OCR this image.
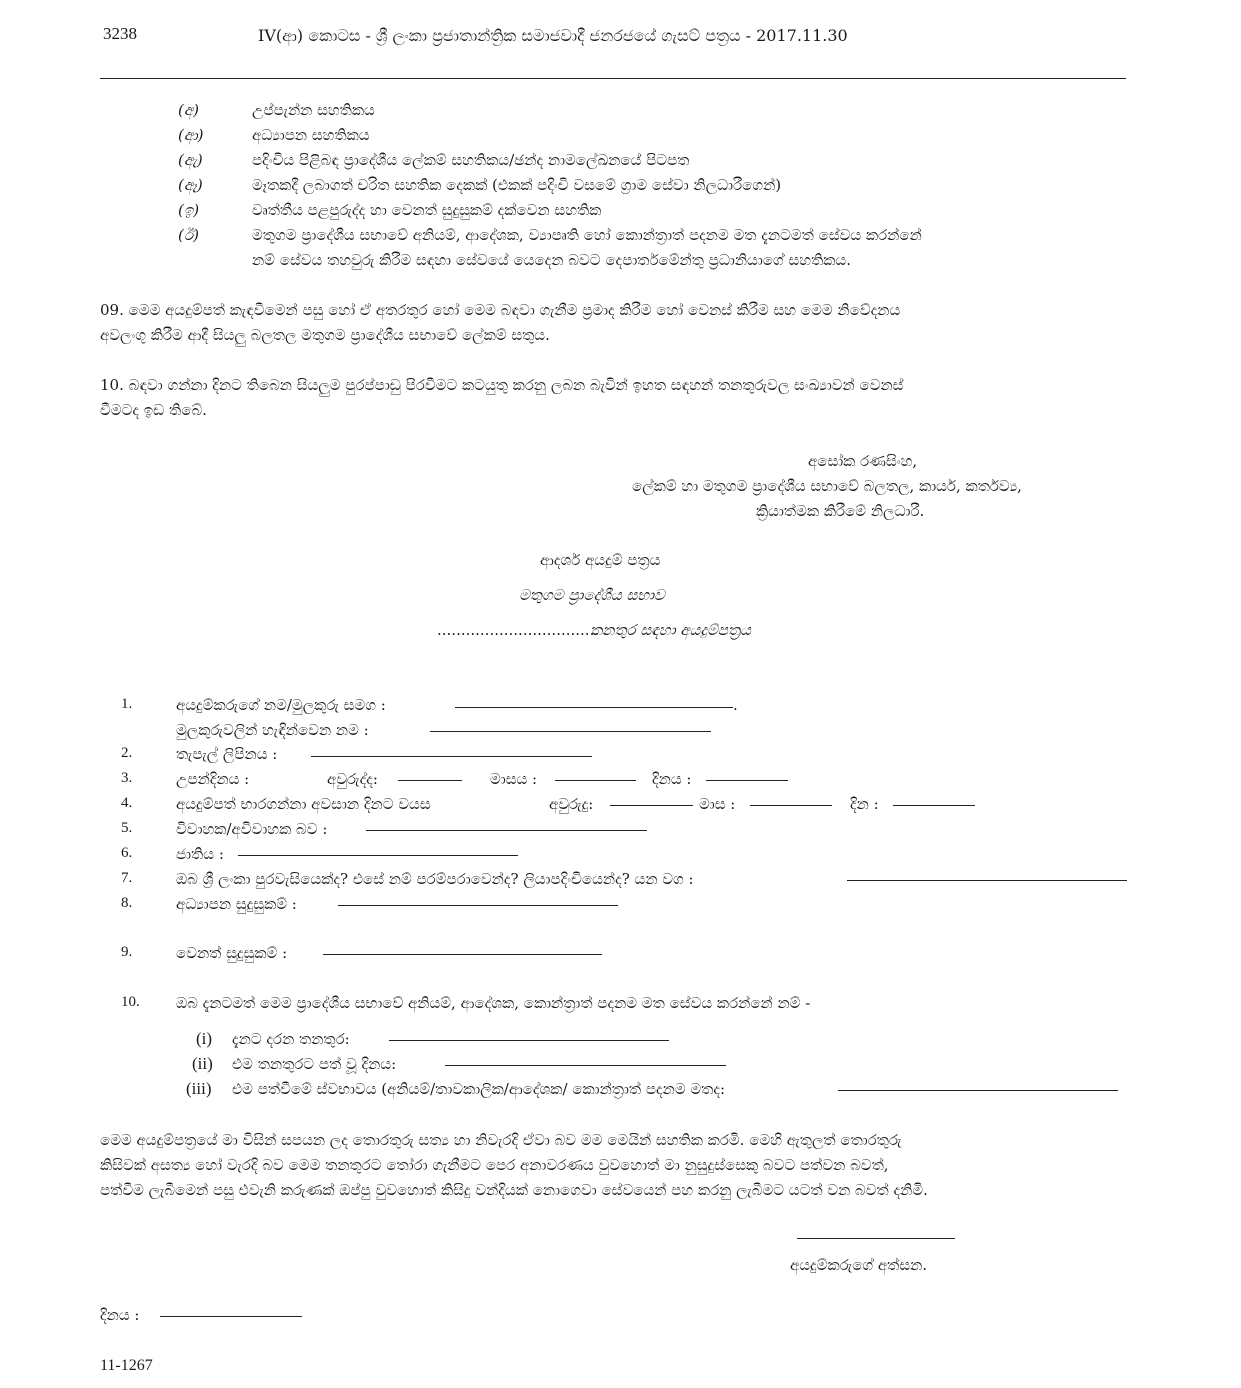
3238	IV(ආ) කොටස - ශ්‍රී ලංකා ප්‍රජාතාන්ත්‍රික සමාජවාදී ජනරජයේ ගැසට් පත්‍රය - 2017.11.30
(අ)	උප්පැන්න සහතිකය
(ආ)	අධ්‍යාපන සහතිකය
(ඇ)	පදිංචිය පිළිබඳ ප්‍රාදේශීය ලේකම් සහතිකය/ඡන්ද නාමලේඛනයේ පිටපත
(ඈ)	මෑතකදී ලබාගත් චරිත සහතික දෙකක් (එකක් පදිංචි වසමේ ග්‍රාම සේවා නිලධාරීගෙන්)
(ඉ)	වෘත්තීය පළපුරුද්ද හා වෙනත් සුදුසුකම් දක්වෙන සහතික
(ඊ)	මතුගම ප්‍රාදේශීය සභාවේ අනියම්, ආදේශක, ව්‍යාපෘති හෝ කොන්ත්‍රාත් පදනම මත දැනටමත් සේවය කරන්නේ
නම් සේවය තහවුරු කිරීම සඳහා සේවයේ යෙදෙන බවට දෙපාර්තමේන්තු ප්‍රධානියාගේ සහතිකය.
09. මෙම අයදුම්පත් කැඳවීමෙන් පසු හෝ ඒ අතරතුර හෝ මෙම බඳවා ගැනීම ප්‍රමාද කිරීම හෝ වෙනස් කිරීම සහ මෙම නිවේදනය
අවලංගු කිරීම ආදී සියලු බලතල මතුගම ප්‍රාදේශීය සභාවේ ලේකම් සතුය.
10. බඳවා ගන්නා දිනට තිබෙන සියලුම පුරප්පාඩු පිරවීමට කටයුතු කරනු ලබන බැවින් ඉහත සඳහන් තනතුරුවල සංඛ්‍යාවන් වෙනස්
වීමටද ඉඩ තිබේ.
අසෝක රණසිංහ,
ලේකම් හා මතුගම ප්‍රාදේශීය සභාවේ බලතල, කාර්ය, කර්තව්‍ය,
ක්‍රියාත්මක කිරීමේ නිලධාරී.
ආදර්ශ අයදුම් පත්‍රය
මතුගම ප්‍රාදේශීය සභාව
..................................
තනතුර සඳහා අයදුම්පත්‍රය
1.	අයදුම්කරුගේ නම/මුලකුරු සමග :	.
මුලකුරුවලින් හැඳින්වෙන නම :
2.	තැපැල් ලිපිනය :
3.	උපන්දිනය :	අවුරුද්ද:	මාසය :	දිනය :
4.	අයදුම්පත් භාරගන්නා අවසාන දිනට වයස	අවුරුදු:	මාස :	දින :
5.	විවාහක/අවිවාහක බව :
6.	ජාතිය :
7.	ඔබ ශ්‍රී ලංකා පුරවැසියෙක්ද? එසේ නම් පරම්පරාවෙන්ද? ලියාපදිංචියෙන්ද? යන වග :
8.	අධ්‍යාපන සුදුසුකම් :
9.	වෙනත් සුදුසුකම් :
10. ඔබ දැනටමත් මෙම ප්‍රාදේශීය සභාවේ අනියම්, ආදේශක, කොන්ත්‍රාත් පදනම මත සේවය කරන්නේ නම් -
(i) දැනට දරන තනතුර:
(ii) එම තනතුරට පත් වූ දිනය:
(iii) එම පත්වීමේ ස්වභාවය (අනියම්/තාවකාලික/ආදේශක/ කොන්ත්‍රාත් පදනම මතද:
මෙම අයදුම්පත්‍රයේ මා විසින් සපයන ලද තොරතුරු සත්‍ය හා නිවැරදි ඒවා බව මම මෙයින් සහතික කරමි. මෙහි ඇතුලත් තොරතුරු
කිසිවක් අසත්‍ය හෝ වැරදි බව මෙම තනතුරට තෝරා ගැනීමට පෙර අනාවරණය වුවහොත් මා නුසුදුස්සෙකු බවට පත්වන බවත්,
පත්වීම ලැබීමෙන් පසු එවැනි කරුණක් ඔප්පු වුවහොත් කිසිදු වන්දියක් නොගෙවා සේවයෙන් පහ කරනු ලැබීමට යටත් වන බවත් දනිමි.
අයදුම්කරුගේ අත්සන.
දිනය :
11-1267
